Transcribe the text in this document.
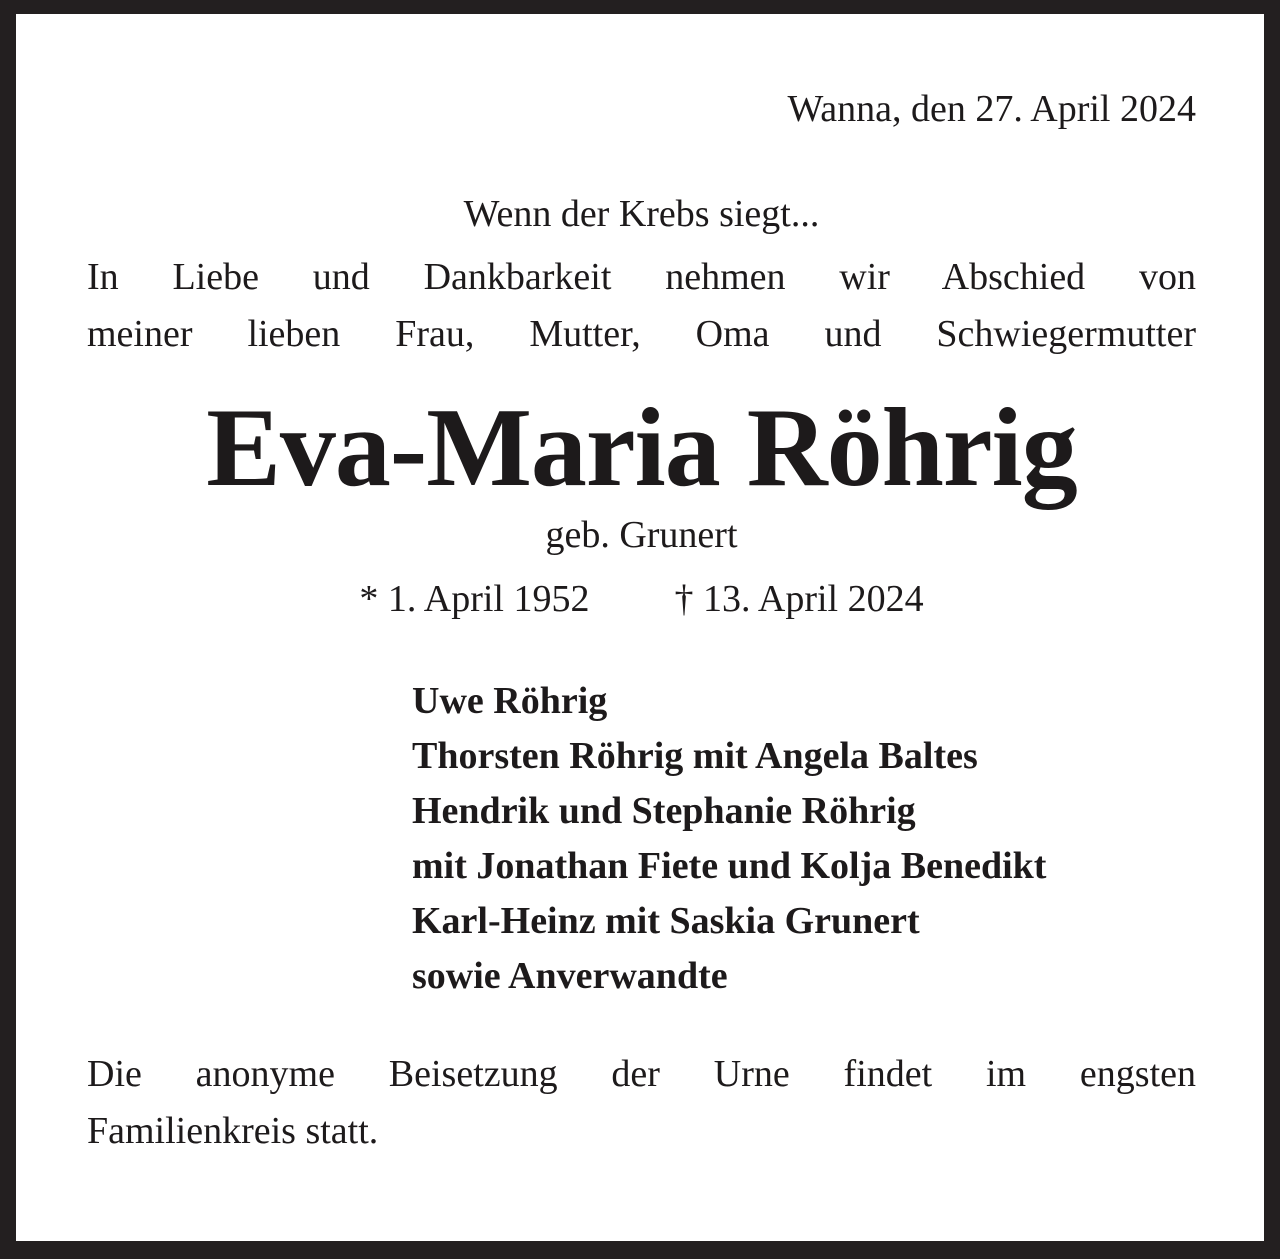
Wanna, den 27. April 2024
Wenn der Krebs siegt...
In Liebe und Dankbarkeit nehmen wir Abschied von
meiner lieben Frau, Mutter, Oma und Schwiegermutter
Eva-Maria Röhrig
geb. Grunert
* 1. April 1952 † 13. April 2024
Uwe Röhrig
Thorsten Röhrig mit Angela Baltes
Hendrik und Stephanie Röhrig
mit Jonathan Fiete und Kolja Benedikt
Karl-Heinz mit Saskia Grunert
sowie Anverwandte
Die anonyme Beisetzung der Urne findet im engsten
Familienkreis statt.
